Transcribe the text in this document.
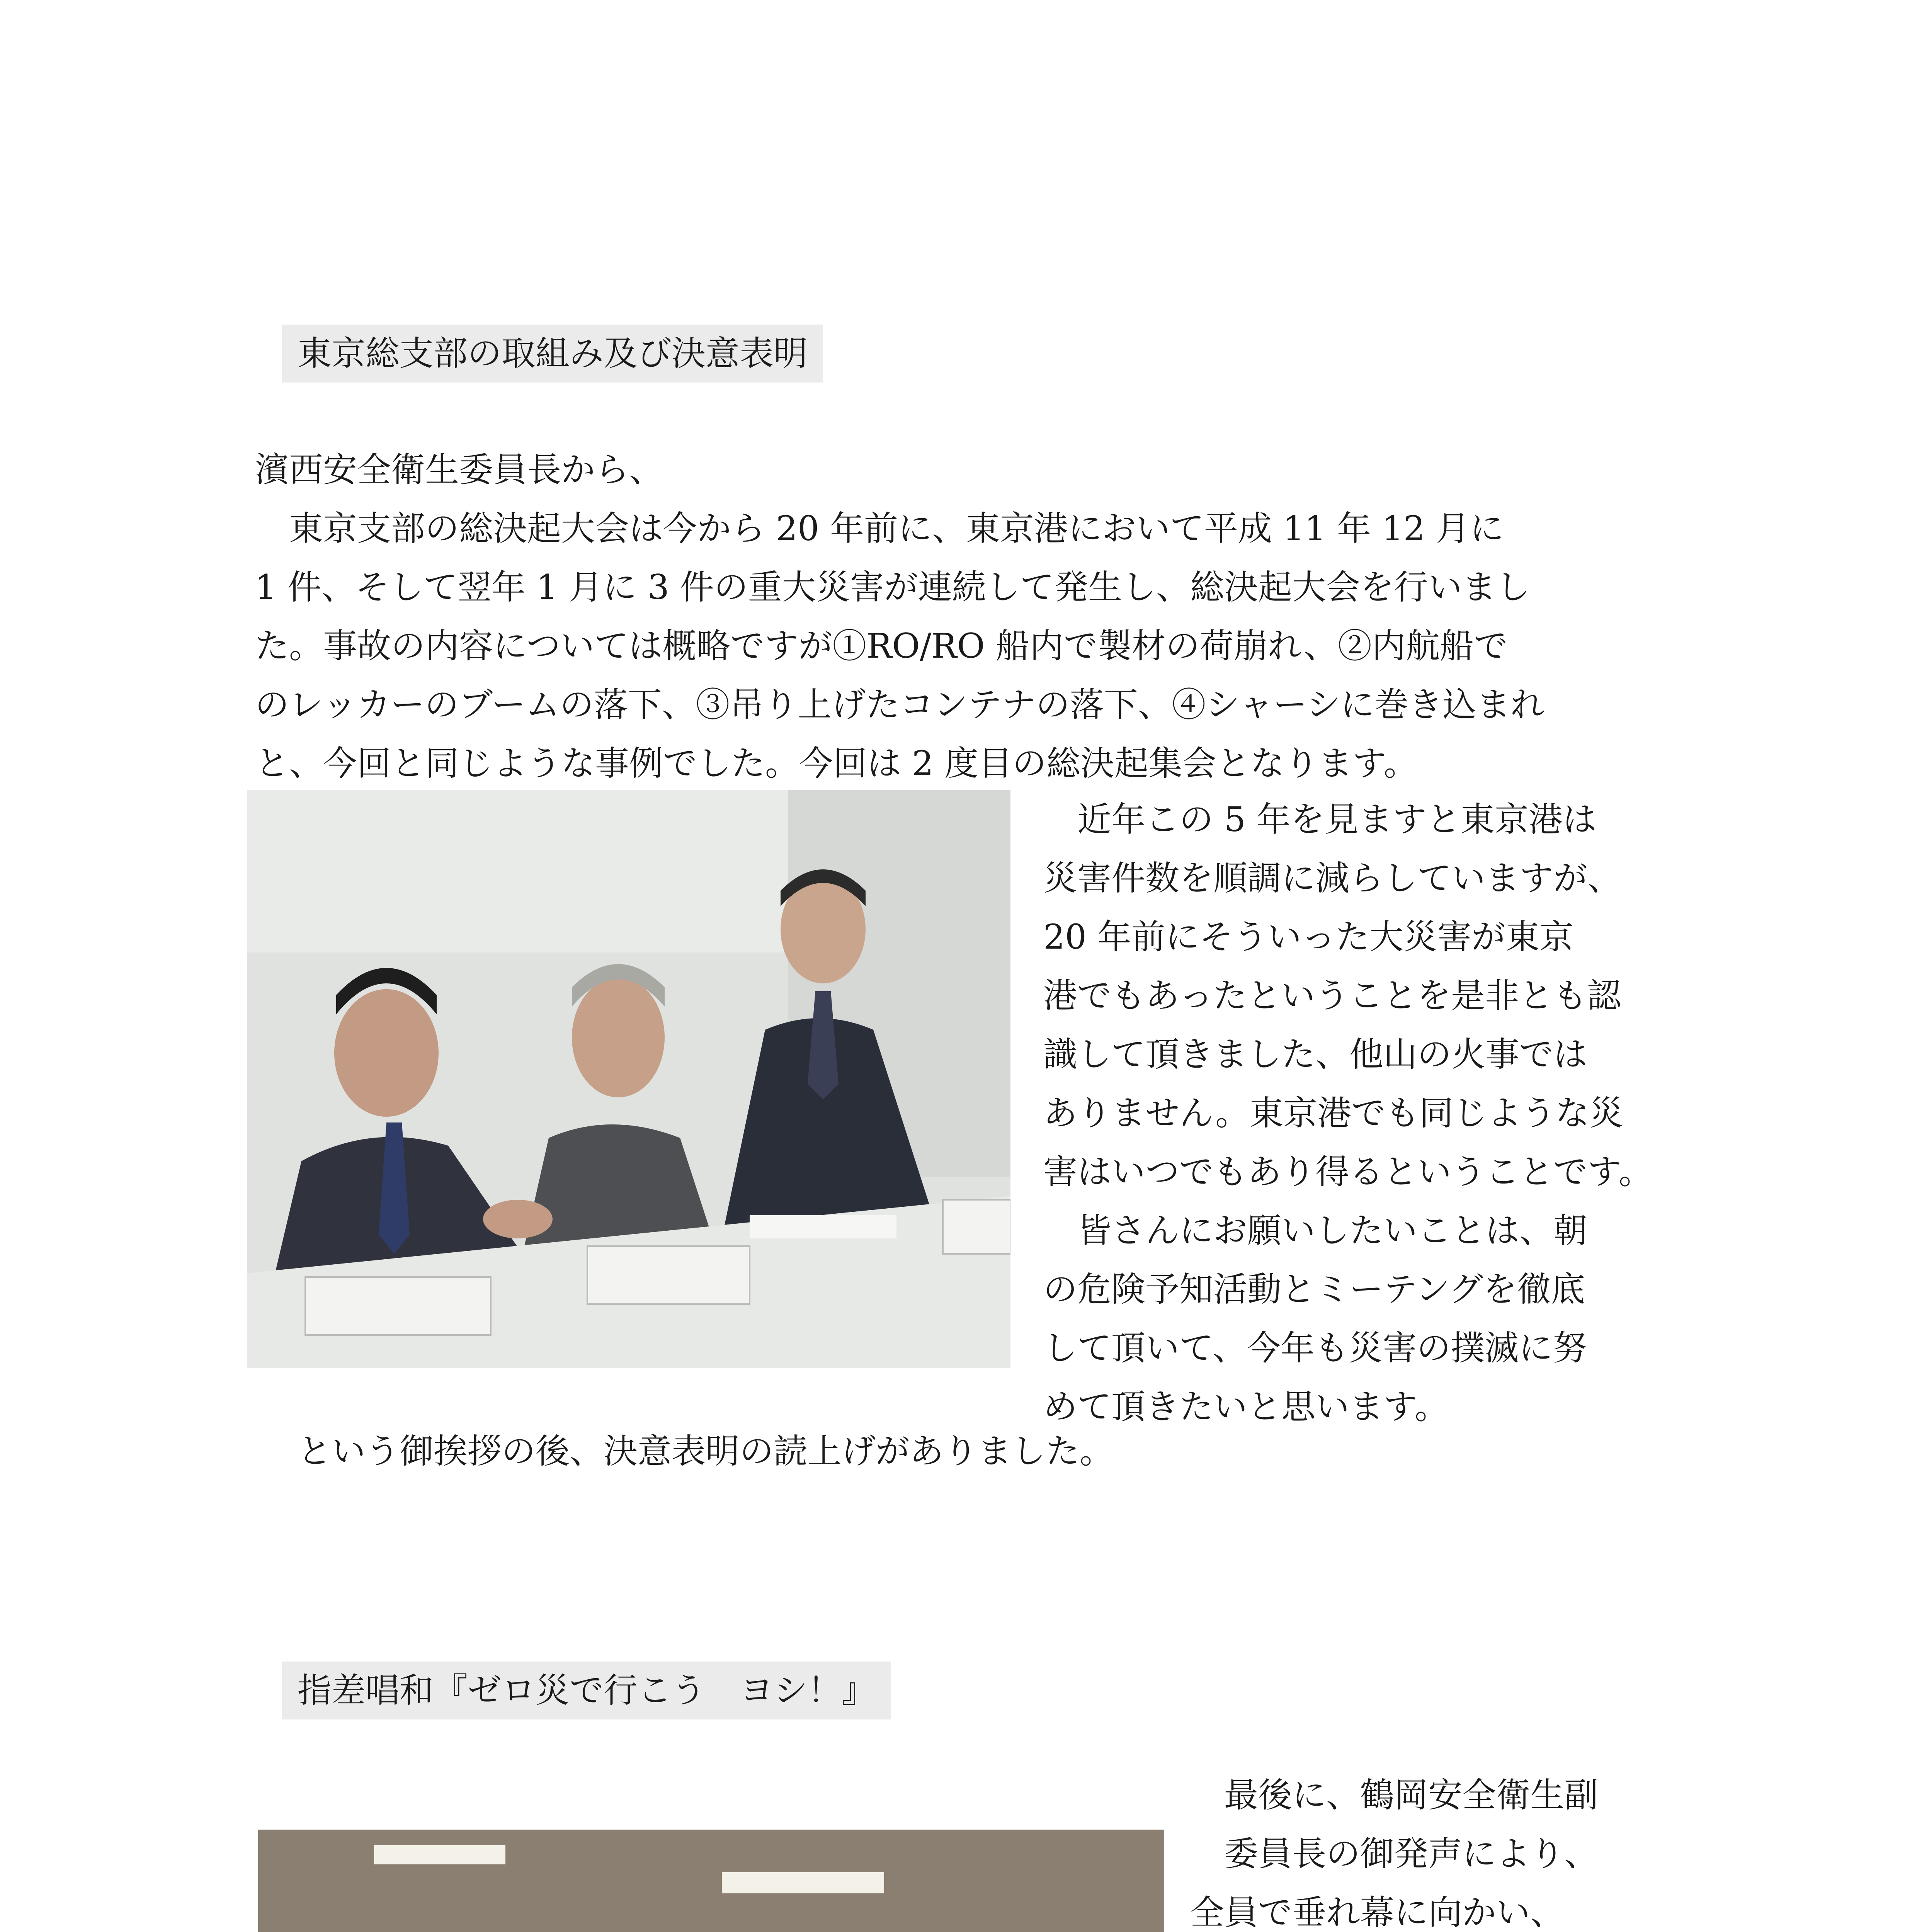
東京総支部の取組み及び決意表明
濱西安全衛生委員長から、
　東京支部の総決起大会は今から 20 年前に、東京港において平成 11 年 12 月に
1 件、そして翌年 1 月に 3 件の重大災害が連続して発生し、総決起大会を行いまし
た。事故の内容については概略ですが①RO/RO 船内で製材の荷崩れ、②内航船で
のレッカーのブームの落下、③吊り上げたコンテナの落下、④シャーシに巻き込まれ
と、今回と同じような事例でした。今回は 2 度目の総決起集会となります。
　近年この 5 年を見ますと東京港は
災害件数を順調に減らしていますが、
20 年前にそういった大災害が東京
港でもあったということを是非とも認
識して頂きました、他山の火事では
ありません。東京港でも同じような災
害はいつでもあり得るということです。
　皆さんにお願いしたいことは、朝
の危険予知活動とミーテングを徹底
して頂いて、今年も災害の撲滅に努
めて頂きたいと思います。
という御挨拶の後、決意表明の読上げがありました。
指差唱和『ゼロ災で行こう　ヨシ！』
　最後に、鶴岡安全衛生副
　委員長の御発声により、
全員で垂れ幕に向かい、
